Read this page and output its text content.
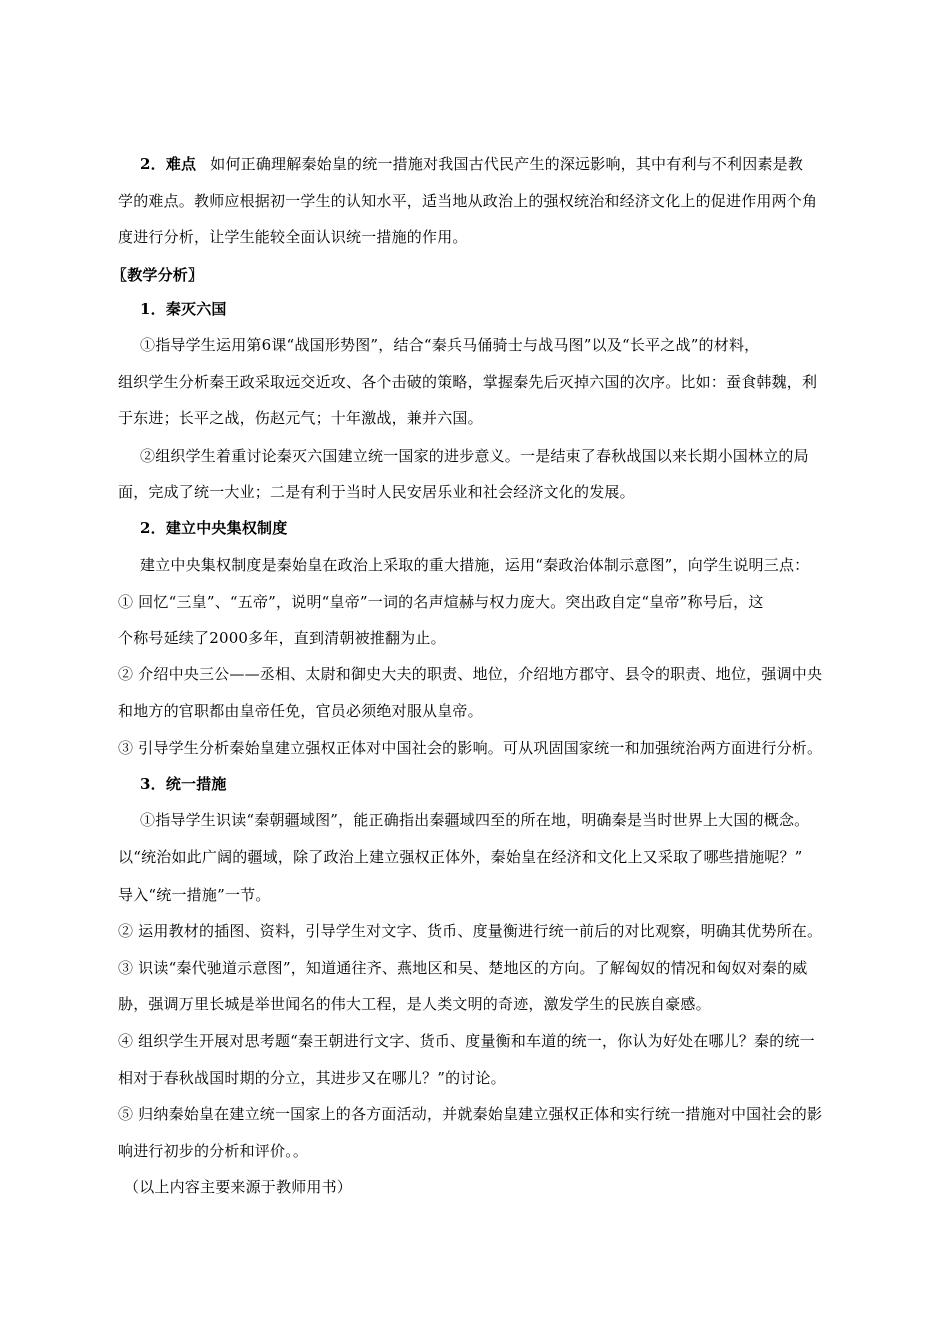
2．难点 如何正确理解秦始皇的统一措施对我国古代民产生的深远影响，其中有利与不利因素是教
学的难点。教师应根据初一学生的认知水平，适当地从政治上的强权统治和经济文化上的促进作用两个角
度进行分析，让学生能较全面认识统一措施的作用。
〖教学分析〗
1．秦灭六国
①指导学生运用第6课“战国形势图”，结合“秦兵马俑骑士与战马图”以及“长平之战”的材料，
组织学生分析秦王政采取远交近攻、各个击破的策略，掌握秦先后灭掉六国的次序。比如：蚕食韩魏，利
于东进；长平之战，伤赵元气；十年激战，兼并六国。
②组织学生着重讨论秦灭六国建立统一国家的进步意义。一是结束了春秋战国以来长期小国林立的局
面，完成了统一大业；二是有利于当时人民安居乐业和社会经济文化的发展。
2．建立中央集权制度
建立中央集权制度是秦始皇在政治上采取的重大措施，运用“秦政治体制示意图”，向学生说明三点：
① 回忆“三皇”、“五帝”，说明“皇帝”一词的名声煊赫与权力庞大。突出政自定“皇帝”称号后，这
个称号延续了2000多年，直到清朝被推翻为止。
② 介绍中央三公——丞相、太尉和御史大夫的职责、地位，介绍地方郡守、县令的职责、地位，强调中央
和地方的官职都由皇帝任免，官员必须绝对服从皇帝。
③ 引导学生分析秦始皇建立强权正体对中国社会的影响。可从巩固国家统一和加强统治两方面进行分析。
3．统一措施
①指导学生识读“秦朝疆域图”，能正确指出秦疆域四至的所在地，明确秦是当时世界上大国的概念。
以“统治如此广阔的疆域，除了政治上建立强权正体外，秦始皇在经济和文化上又采取了哪些措施呢？”
导入“统一措施”一节。
② 运用教材的插图、资料，引导学生对文字、货币、度量衡进行统一前后的对比观察，明确其优势所在。
③ 识读“秦代驰道示意图”，知道通往齐、燕地区和吴、楚地区的方向。了解匈奴的情况和匈奴对秦的威
胁，强调万里长城是举世闻名的伟大工程，是人类文明的奇迹，激发学生的民族自豪感。
④ 组织学生开展对思考题“秦王朝进行文字、货币、度量衡和车道的统一，你认为好处在哪儿？秦的统一
相对于春秋战国时期的分立，其进步又在哪儿？”的讨论。
⑤ 归纳秦始皇在建立统一国家上的各方面活动，并就秦始皇建立强权正体和实行统一措施对中国社会的影
响进行初步的分析和评价。。
（以上内容主要来源于教师用书）
